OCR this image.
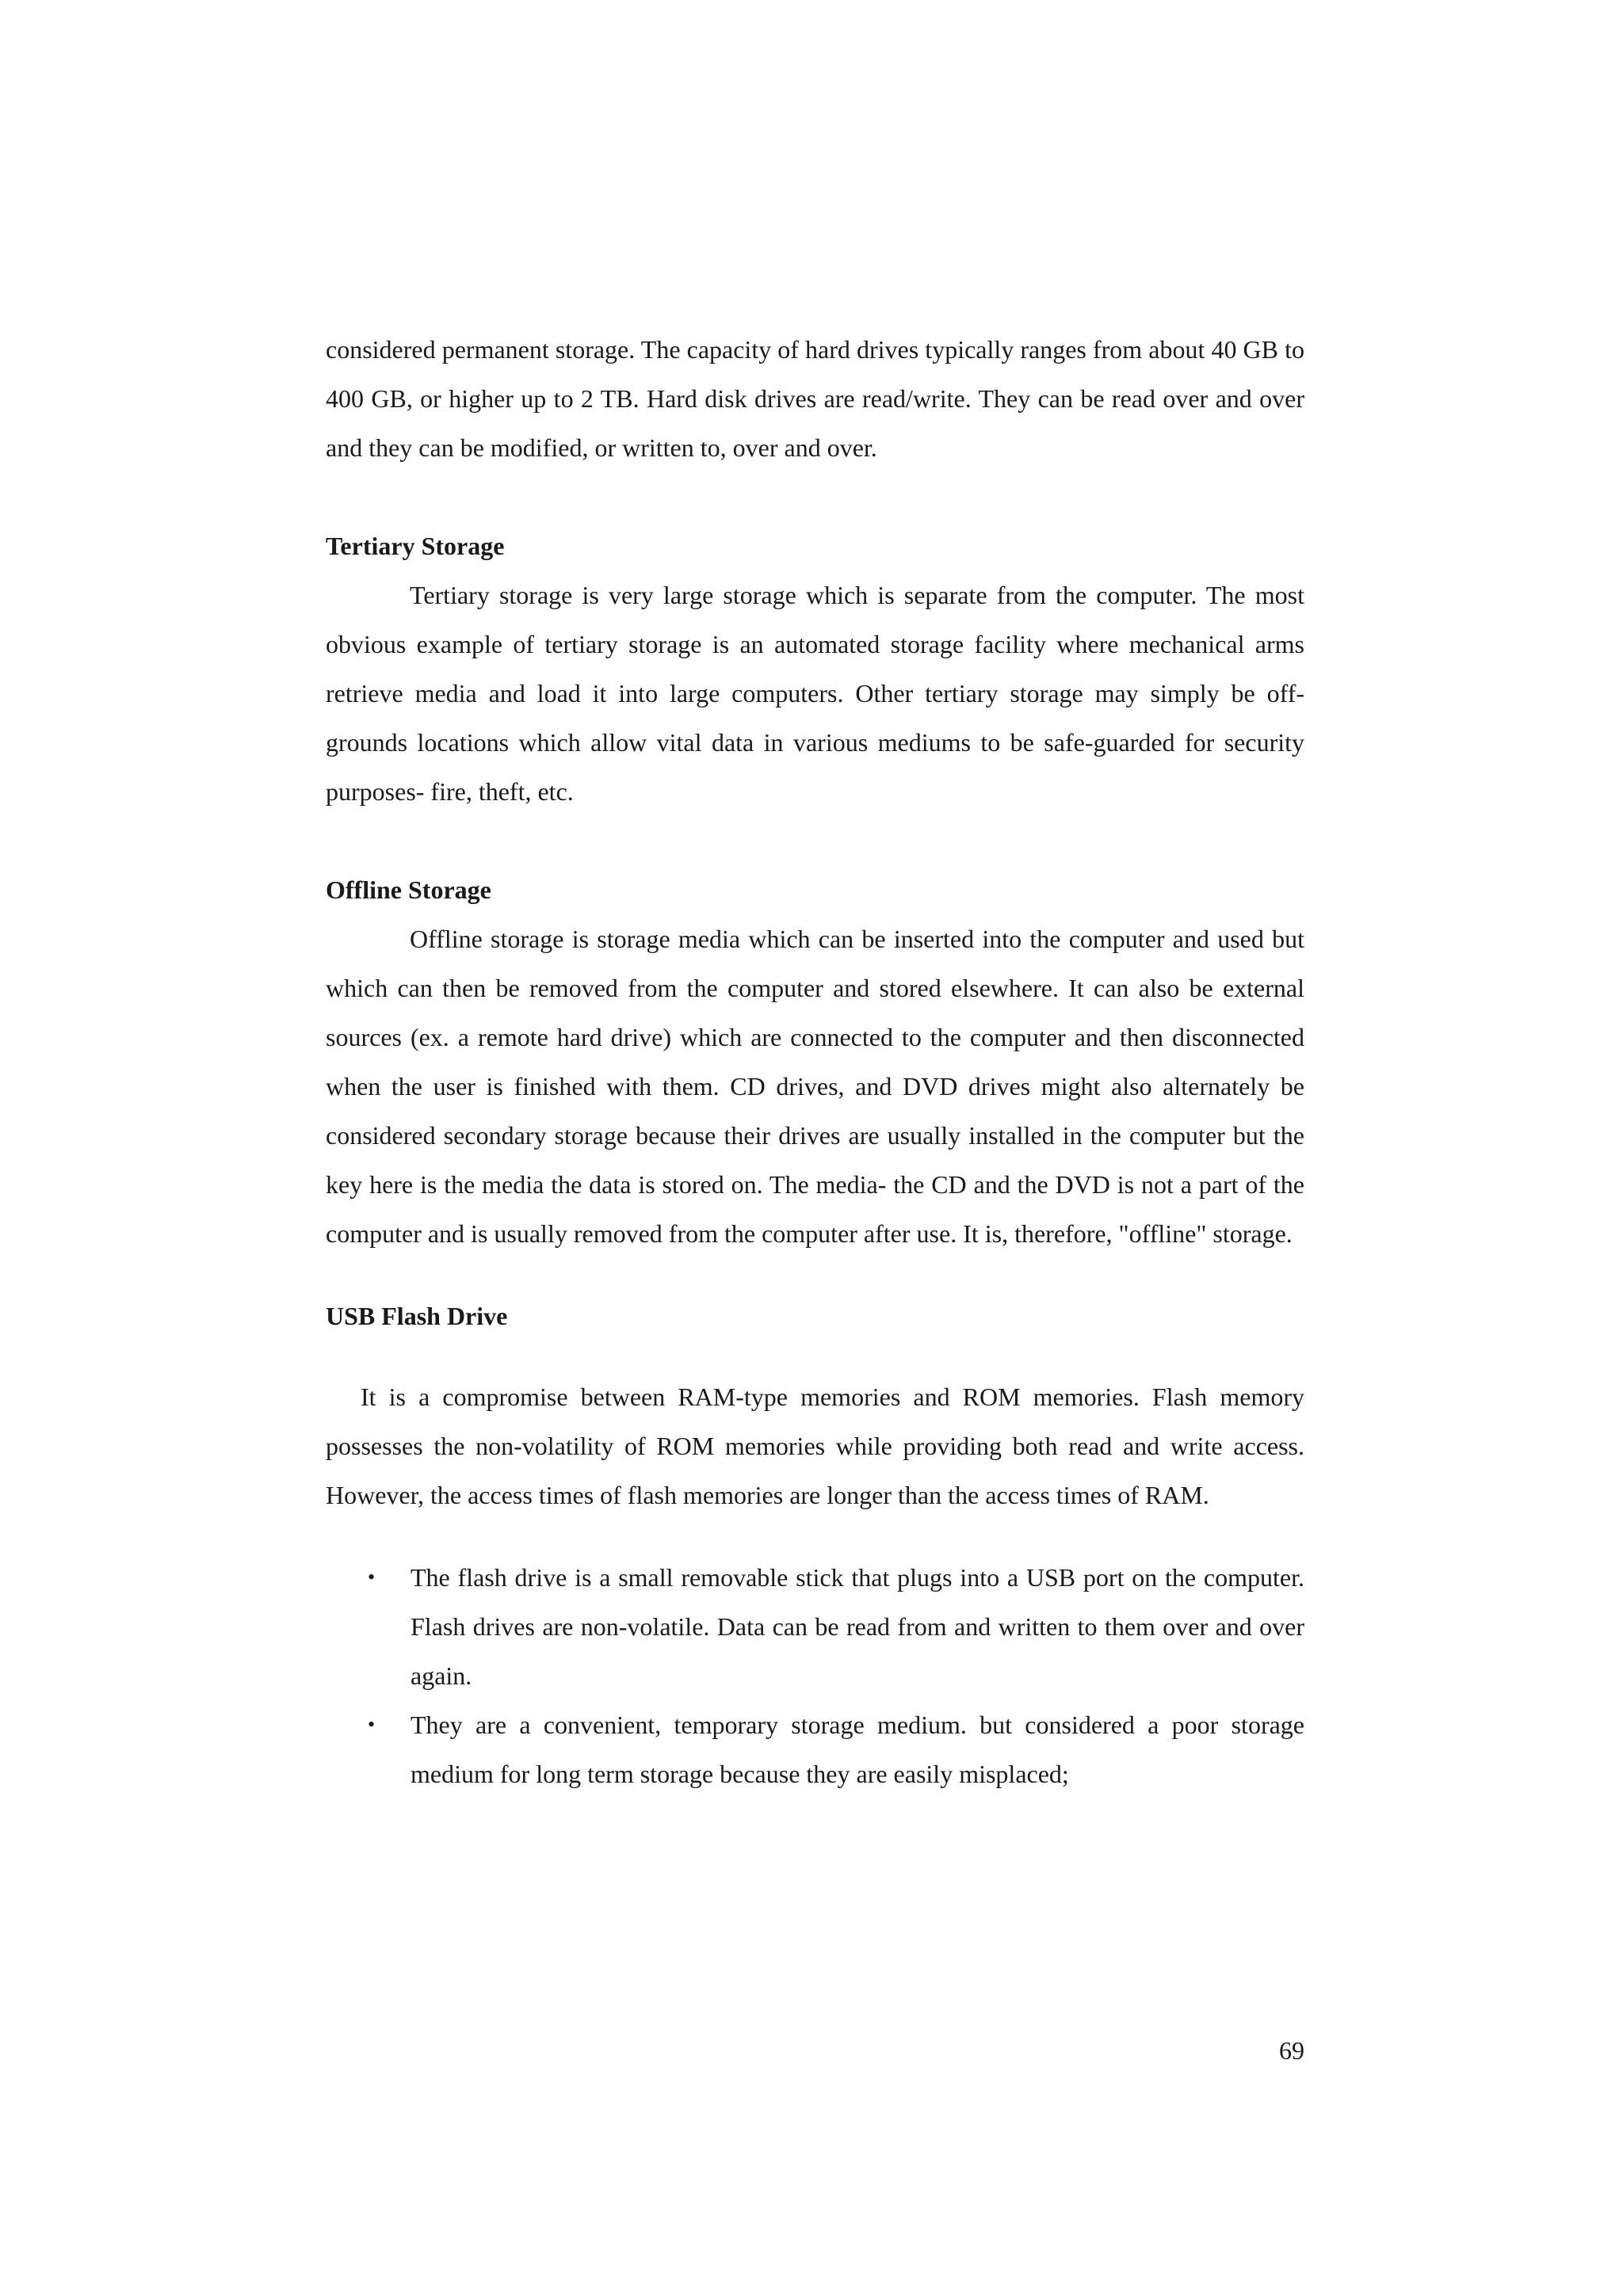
considered permanent storage. The capacity of hard drives typically ranges from about 40 GB to 400 GB, or higher up to 2 TB. Hard disk drives are read/write. They can be read over and over and they can be modified, or written to, over and over.

Tertiary Storage

Tertiary storage is very large storage which is separate from the computer. The most obvious example of tertiary storage is an automated storage facility where mechanical arms retrieve media and load it into large computers. Other tertiary storage may simply be off-grounds locations which allow vital data in various mediums to be safe-guarded for security purposes- fire, theft, etc.

Offline Storage

Offline storage is storage media which can be inserted into the computer and used but which can then be removed from the computer and stored elsewhere. It can also be external sources (ex. a remote hard drive) which are connected to the computer and then disconnected when the user is finished with them. CD drives, and DVD drives might also alternately be considered secondary storage because their drives are usually installed in the computer but the key here is the media the data is stored on. The media- the CD and the DVD is not a part of the computer and is usually removed from the computer after use. It is, therefore, "offline" storage.

USB Flash Drive

It is a compromise between RAM-type memories and ROM memories. Flash memory possesses the non-volatility of ROM memories while providing both read and write access. However, the access times of flash memories are longer than the access times of RAM.

• The flash drive is a small removable stick that plugs into a USB port on the computer. Flash drives are non-volatile. Data can be read from and written to them over and over again.
• They are a convenient, temporary storage medium. but considered a poor storage medium for long term storage because they are easily misplaced;
69
